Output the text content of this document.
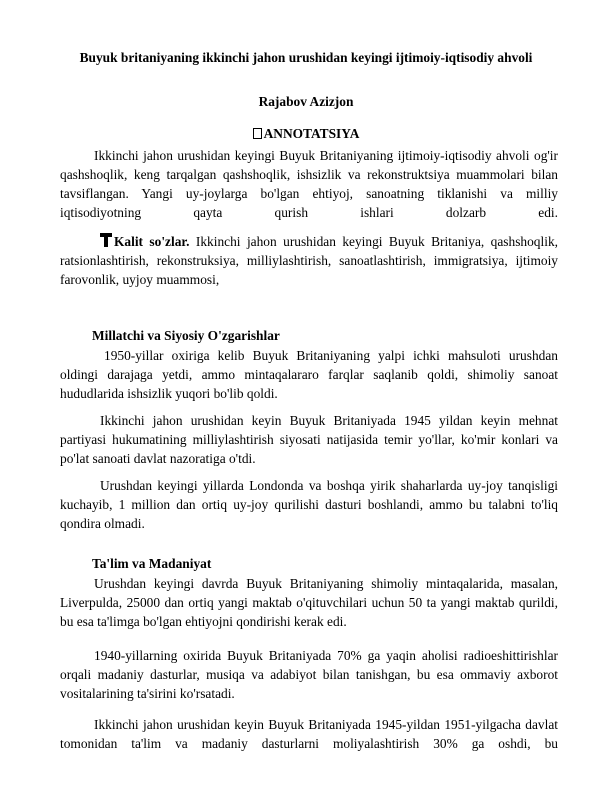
Buyuk britaniyaning ikkinchi jahon urushidan keyingi ijtimoiy-iqtisodiy ahvoli
Rajabov Azizjon
ANNOTATSIYA
Ikkinchi jahon urushidan keyingi Buyuk Britaniyaning ijtimoiy-iqtisodiy ahvoli og'ir qashshoqlik, keng tarqalgan qashshoqlik, ishsizlik va rekonstruktsiya muammolari bilan tavsiflangan. Yangi uy-joylarga bo'lgan ehtiyoj, sanoatning tiklanishi va milliy iqtisodiyotning qayta qurish ishlari dolzarb edi.
Kalit so'zlar. Ikkinchi jahon urushidan keyingi Buyuk Britaniya, qashshoqlik, ratsionlashtirish, rekonstruksiya, milliylashtirish, sanoatlashtirish, immigratsiya, ijtimoiy farovonlik, uyjoy muammosi,
Millatchi va Siyosiy O'zgarishlar
1950-yillar oxiriga kelib Buyuk Britaniyaning yalpi ichki mahsuloti urushdan oldingi darajaga yetdi, ammo mintaqalararo farqlar saqlanib qoldi, shimoliy sanoat hududlarida ishsizlik yuqori bo'lib qoldi.
Ikkinchi jahon urushidan keyin Buyuk Britaniyada 1945 yildan keyin mehnat partiyasi hukumatining milliylashtirish siyosati natijasida temir yo'llar, ko'mir konlari va po'lat sanoati davlat nazoratiga o'tdi.
Urushdan keyingi yillarda Londonda va boshqa yirik shaharlarda uy-joy tanqisligi kuchayib, 1 million dan ortiq uy-joy qurilishi dasturi boshlandi, ammo bu talabni to'liq qondira olmadi.
Ta'lim va Madaniyat
Urushdan keyingi davrda Buyuk Britaniyaning shimoliy mintaqalarida, masalan, Liverpulda, 25000 dan ortiq yangi maktab o'qituvchilari uchun 50 ta yangi maktab qurildi, bu esa ta'limga bo'lgan ehtiyojni qondirishi kerak edi.
1940-yillarning oxirida Buyuk Britaniyada 70% ga yaqin aholisi radioeshittirishlar orqali madaniy dasturlar, musiqa va adabiyot bilan tanishgan, bu esa ommaviy axborot vositalarining ta'sirini ko'rsatadi.
Ikkinchi jahon urushidan keyin Buyuk Britaniyada 1945-yildan 1951-yilgacha davlat tomonidan ta'lim va madaniy dasturlarni moliyalashtirish 30% ga oshdi, bu
